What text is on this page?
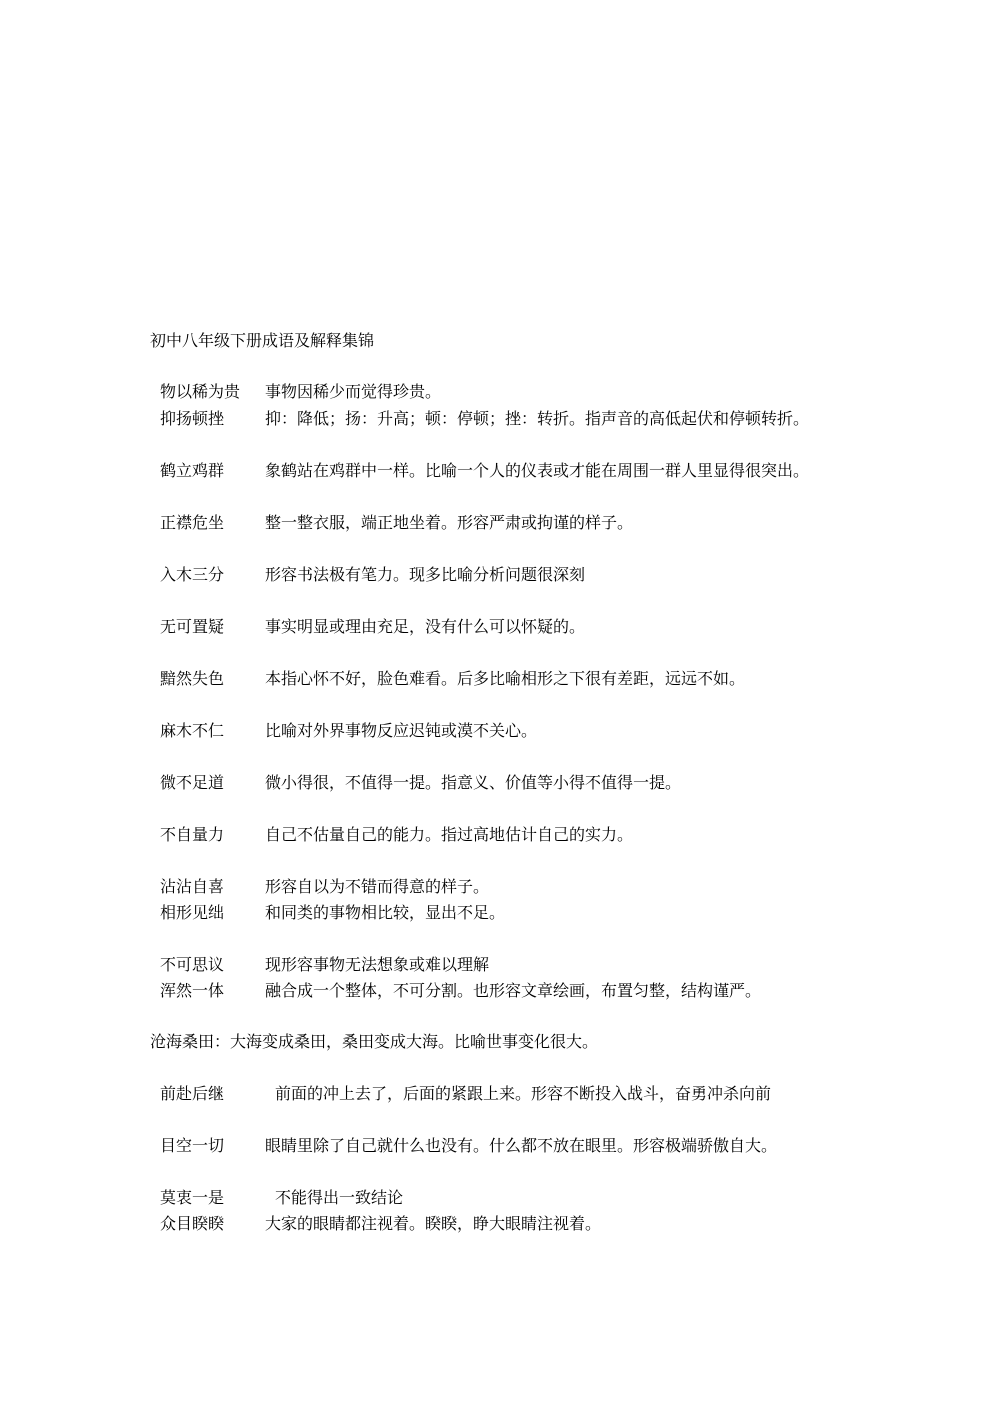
初中八年级下册成语及解释集锦
物以稀为贵 事物因稀少而觉得珍贵。
抑扬顿挫	抑：降低；扬：升高；顿：停顿；挫：转折。指声音的高低起伏和停顿转折。
鹤立鸡群	象鹤站在鸡群中一样。比喻一个人的仪表或才能在周围一群人里显得很突出。
正襟危坐	整一整衣服，端正地坐着。形容严肃或拘谨的样子。
入木三分	形容书法极有笔力。现多比喻分析问题很深刻
无可置疑	事实明显或理由充足，没有什么可以怀疑的。
黯然失色	本指心怀不好，脸色难看。后多比喻相形之下很有差距，远远不如。
麻木不仁	比喻对外界事物反应迟钝或漠不关心。
微不足道	微小得很，不值得一提。指意义、价值等小得不值得一提。
不自量力	自己不估量自己的能力。指过高地估计自己的实力。
沾沾自喜	形容自以为不错而得意的样子。
相形见绌	和同类的事物相比较，显出不足。
不可思议	现形容事物无法想象或难以理解
浑然一体	融合成一个整体，不可分割。也形容文章绘画，布置匀整，结构谨严。
沧海桑田：大海变成桑田，桑田变成大海。比喻世事变化很大。
前赴后继	前面的冲上去了，后面的紧跟上来。形容不断投入战斗，奋勇冲杀向前
目空一切	眼睛里除了自己就什么也没有。什么都不放在眼里。形容极端骄傲自大。
莫衷一是	不能得出一致结论
众目睽睽	大家的眼睛都注视着。睽睽，睁大眼睛注视着。
